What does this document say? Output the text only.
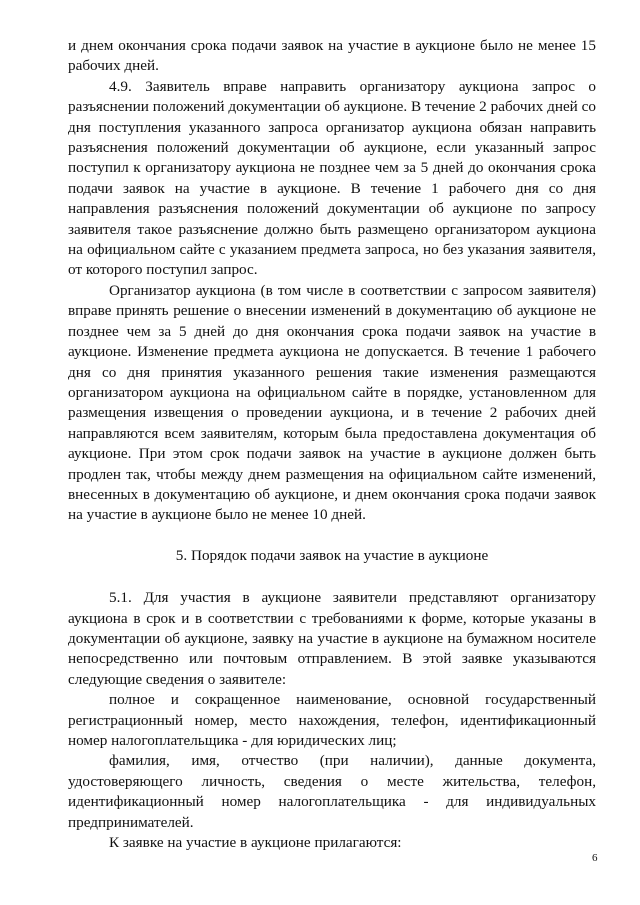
и днем окончания срока подачи заявок на участие в аукционе было не менее 15 рабочих дней.

4.9. Заявитель вправе направить организатору аукциона запрос о разъяснении положений документации об аукционе. В течение 2 рабочих дней со дня поступления указанного запроса организатор аукциона обязан направить разъяснения положений документации об аукционе, если указанный запрос поступил к организатору аукциона не позднее чем за 5 дней до окончания срока подачи заявок на участие в аукционе. В течение 1 рабочего дня со дня направления разъяснения положений документации об аукционе по запросу заявителя такое разъяснение должно быть размещено организатором аукциона на официальном сайте с указанием предмета запроса, но без указания заявителя, от которого поступил запрос.

Организатор аукциона (в том числе в соответствии с запросом заявителя) вправе принять решение о внесении изменений в документацию об аукционе не позднее чем за 5 дней до дня окончания срока подачи заявок на участие в аукционе. Изменение предмета аукциона не допускается. В течение 1 рабочего дня со дня принятия указанного решения такие изменения размещаются организатором аукциона на официальном сайте в порядке, установленном для размещения извещения о проведении аукциона, и в течение 2 рабочих дней направляются всем заявителям, которым была предоставлена документация об аукционе. При этом срок подачи заявок на участие в аукционе должен быть продлен так, чтобы между днем размещения на официальном сайте изменений, внесенных в документацию об аукционе, и днем окончания срока подачи заявок на участие в аукционе было не менее 10 дней.

5. Порядок подачи заявок на участие в аукционе

5.1. Для участия в аукционе заявители представляют организатору аукциона в срок и в соответствии с требованиями к форме, которые указаны в документации об аукционе, заявку на участие в аукционе на бумажном носителе непосредственно или почтовым отправлением. В этой заявке указываются следующие сведения о заявителе:

полное и сокращенное наименование, основной государственный регистрационный номер, место нахождения, телефон, идентификационный номер налогоплательщика - для юридических лиц;

фамилия, имя, отчество (при наличии), данные документа, удостоверяющего личность, сведения о месте жительства, телефон, идентификационный номер налогоплательщика - для индивидуальных предпринимателей.

К заявке на участие в аукционе прилагаются:

6
